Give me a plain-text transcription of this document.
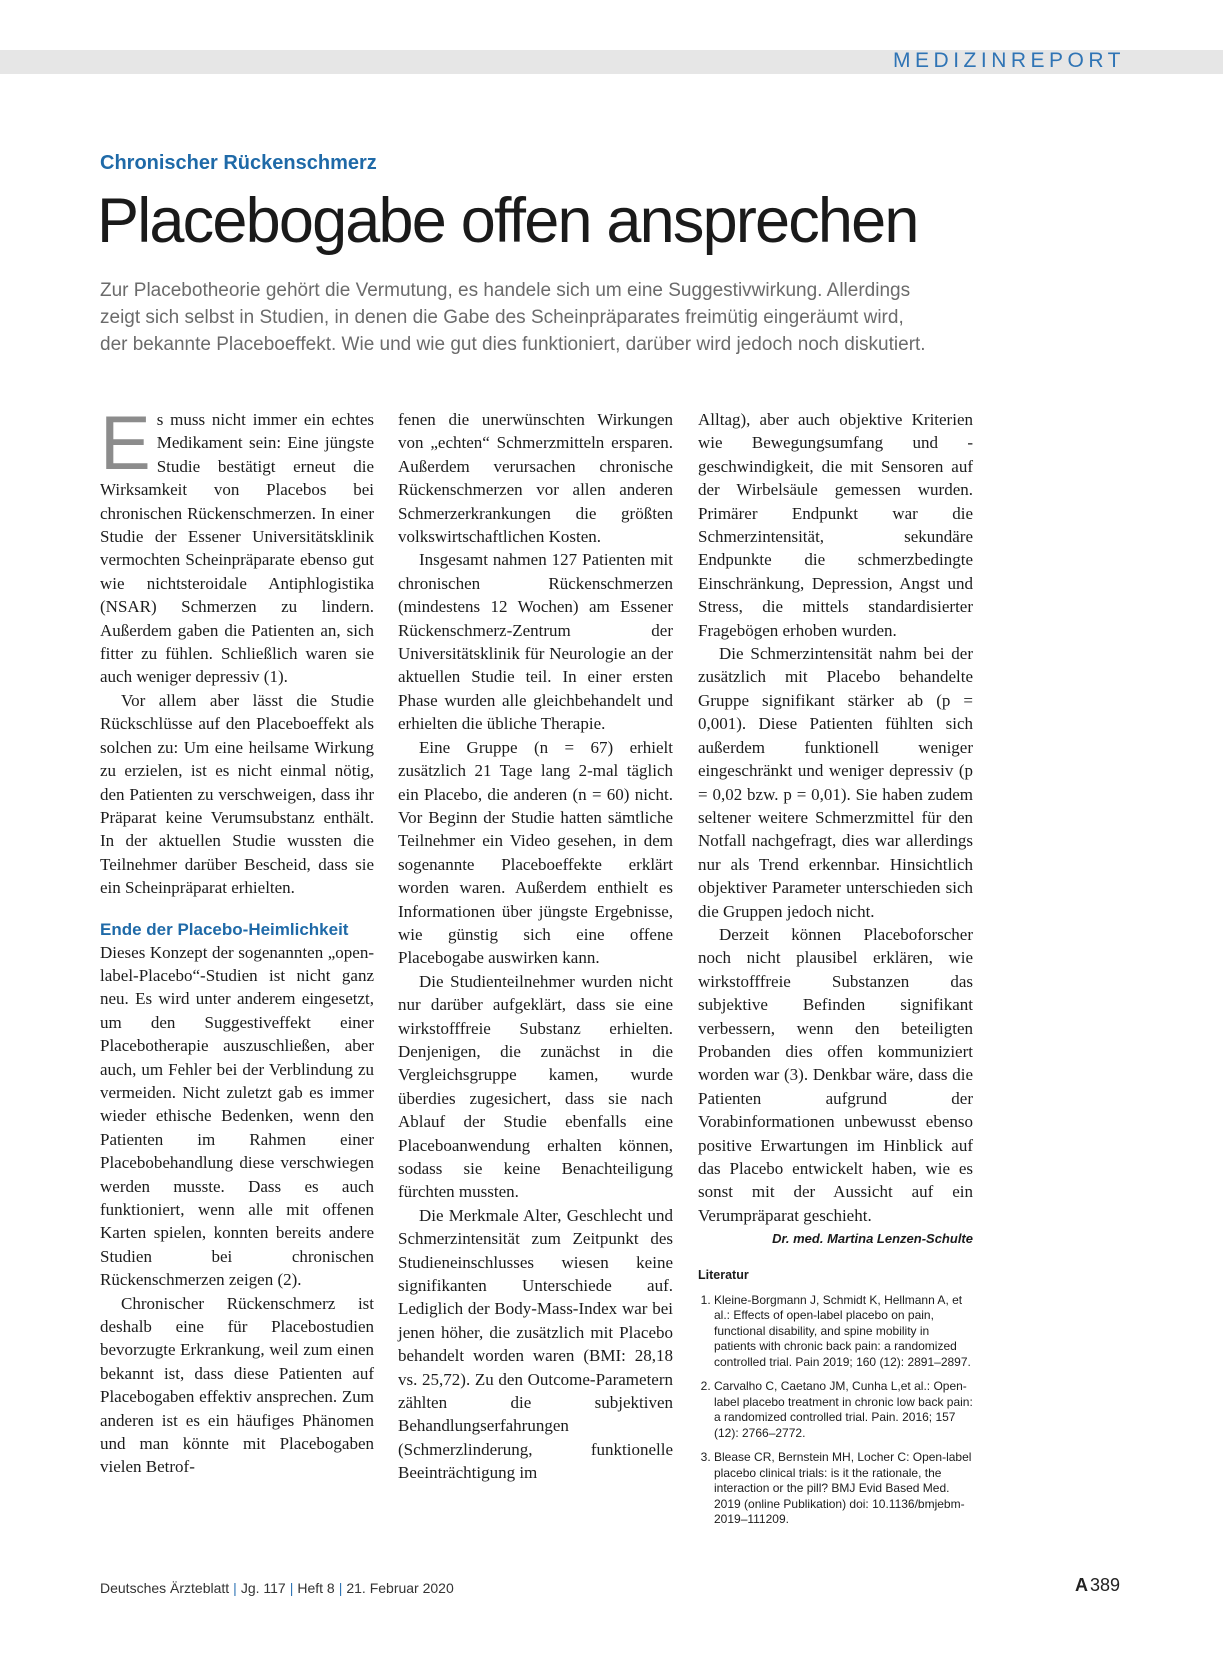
MEDIZINREPORT
Chronischer Rückenschmerz
Placebogabe offen ansprechen
Zur Placebotheorie gehört die Vermutung, es handele sich um eine Suggestivwirkung. Allerdings
zeigt sich selbst in Studien, in denen die Gabe des Scheinpräparates freimütig eingeräumt wird,
der bekannte Placeboeffekt. Wie und wie gut dies funktioniert, darüber wird jedoch noch diskutiert.

Es muss nicht immer ein echtes Medikament sein: Eine jüngste Studie bestätigt erneut die Wirksamkeit von Placebos bei chronischen Rückenschmerzen. In einer Studie der Essener Universitätsklinik vermochten Scheinpräparate ebenso gut wie nichtsteroidale Antiphlogistika (NSAR) Schmerzen zu lindern. Außerdem gaben die Patienten an, sich fitter zu fühlen. Schließlich waren sie auch weniger depressiv (1).

Vor allem aber lässt die Studie Rückschlüsse auf den Placeboeffekt als solchen zu: Um eine heilsame Wirkung zu erzielen, ist es nicht einmal nötig, den Patienten zu verschweigen, dass ihr Präparat keine Verumsubstanz enthält. In der aktuellen Studie wussten die Teilnehmer darüber Bescheid, dass sie ein Scheinpräparat erhielten.

Ende der Placebo-Heimlichkeit

Dieses Konzept der sogenannten „open-label-Placebo“-Studien ist nicht ganz neu. Es wird unter anderem eingesetzt, um den Suggestiveffekt einer Placebotherapie auszuschließen, aber auch, um Fehler bei der Verblindung zu vermeiden. Nicht zuletzt gab es immer wieder ethische Bedenken, wenn den Patienten im Rahmen einer Placebobehandlung diese verschwiegen werden musste. Dass es auch funktioniert, wenn alle mit offenen Karten spielen, konnten bereits andere Studien bei chronischen Rückenschmerzen zeigen (2).

Chronischer Rückenschmerz ist deshalb eine für Placebostudien bevorzugte Erkrankung, weil zum einen bekannt ist, dass diese Patienten auf Placebogaben effektiv ansprechen. Zum anderen ist es ein häufiges Phänomen und man könnte mit Placebogaben vielen Betrof-

fenen die unerwünschten Wirkungen von „echten“ Schmerzmitteln ersparen. Außerdem verursachen chronische Rückenschmerzen vor allen anderen Schmerzerkrankungen die größten volkswirtschaftlichen Kosten.

Insgesamt nahmen 127 Patienten mit chronischen Rückenschmerzen (mindestens 12 Wochen) am Essener Rückenschmerz-Zentrum der Universitätsklinik für Neurologie an der aktuellen Studie teil. In einer ersten Phase wurden alle gleichbehandelt und erhielten die übliche Therapie.

Eine Gruppe (n = 67) erhielt zusätzlich 21 Tage lang 2-mal täglich ein Placebo, die anderen (n = 60) nicht. Vor Beginn der Studie hatten sämtliche Teilnehmer ein Video gesehen, in dem sogenannte Placeboeffekte erklärt worden waren. Außerdem enthielt es Informationen über jüngste Ergebnisse, wie günstig sich eine offene Placebogabe auswirken kann.

Die Studienteilnehmer wurden nicht nur darüber aufgeklärt, dass sie eine wirkstofffreie Substanz erhielten. Denjenigen, die zunächst in die Vergleichsgruppe kamen, wurde überdies zugesichert, dass sie nach Ablauf der Studie ebenfalls eine Placeboanwendung erhalten können, sodass sie keine Benachteiligung fürchten mussten.

Die Merkmale Alter, Geschlecht und Schmerzintensität zum Zeitpunkt des Studieneinschlusses wiesen keine signifikanten Unterschiede auf. Lediglich der Body-Mass-Index war bei jenen höher, die zusätzlich mit Placebo behandelt worden waren (BMI: 28,18 vs. 25,72). Zu den Outcome-Parametern zählten die subjektiven Behandlungserfahrungen (Schmerzlinderung, funktionelle Beeinträchtigung im

Alltag), aber auch objektive Kriterien wie Bewegungsumfang und -geschwindigkeit, die mit Sensoren auf der Wirbelsäule gemessen wurden. Primärer Endpunkt war die Schmerzintensität, sekundäre Endpunkte die schmerzbedingte Einschränkung, Depression, Angst und Stress, die mittels standardisierter Fragebögen erhoben wurden.

Die Schmerzintensität nahm bei der zusätzlich mit Placebo behandelte Gruppe signifikant stärker ab (p = 0,001). Diese Patienten fühlten sich außerdem funktionell weniger eingeschränkt und weniger depressiv (p = 0,02 bzw. p = 0,01). Sie haben zudem seltener weitere Schmerzmittel für den Notfall nachgefragt, dies war allerdings nur als Trend erkennbar. Hinsichtlich objektiver Parameter unterschieden sich die Gruppen jedoch nicht.

Derzeit können Placeboforscher noch nicht plausibel erklären, wie wirkstofffreie Substanzen das subjektive Befinden signifikant verbessern, wenn den beteiligten Probanden dies offen kommuniziert worden war (3). Denkbar wäre, dass die Patienten aufgrund der Vorabinformationen unbewusst ebenso positive Erwartungen im Hinblick auf das Placebo entwickelt haben, wie es sonst mit der Aussicht auf ein Verumpräparat geschieht.
Dr. med. Martina Lenzen-Schulte

Literatur
1. Kleine-Borgmann J, Schmidt K, Hellmann A, et al.: Effects of open-label placebo on pain, functional disability, and spine mobility in patients with chronic back pain: a randomized controlled trial. Pain 2019; 160 (12): 2891–2897.
2. Carvalho C, Caetano JM, Cunha L,et al.: Open-label placebo treatment in chronic low back pain: a randomized controlled trial. Pain. 2016; 157 (12): 2766–2772.
3. Blease CR, Bernstein MH, Locher C: Open-label placebo clinical trials: is it the rationale, the interaction or the pill? BMJ Evid Based Med. 2019 (online Publikation) doi: 10.1136/bmjebm-2019–111209.
Deutsches Ärzteblatt | Jg. 117 | Heft 8 | 21. Februar 2020	A 389
